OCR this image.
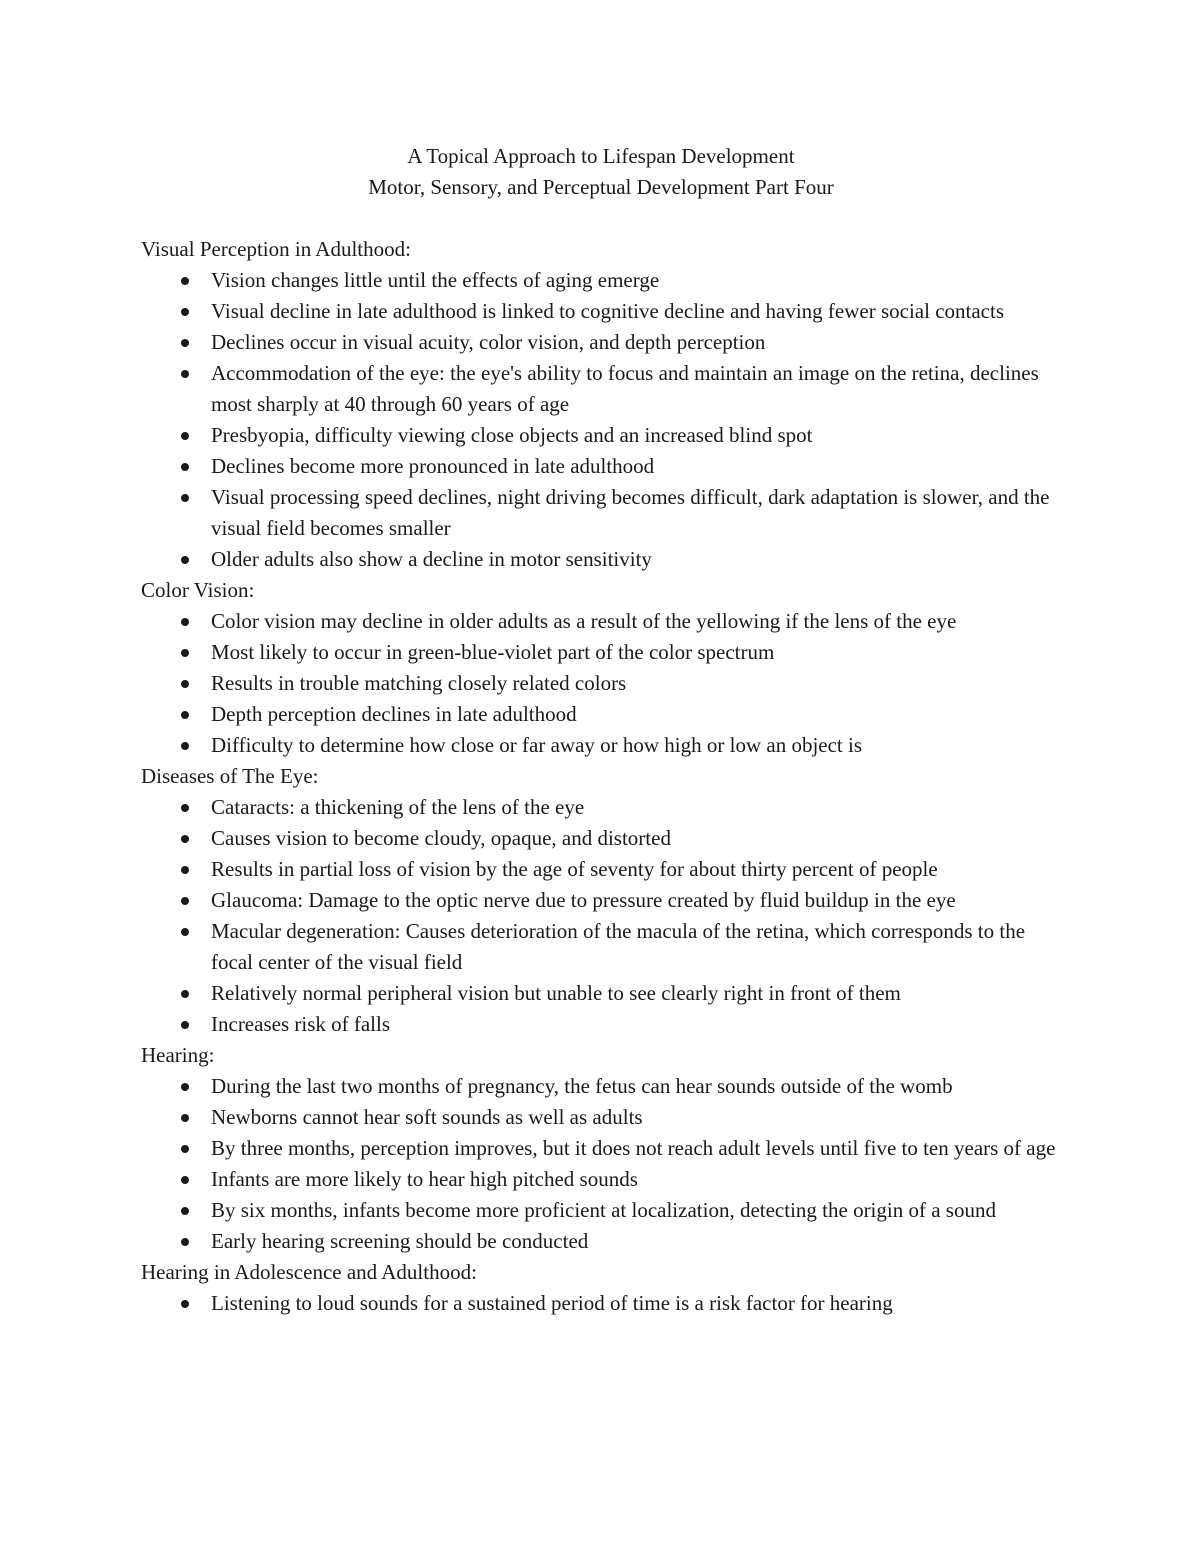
A Topical Approach to Lifespan Development
Motor, Sensory, and Perceptual Development Part Four
Visual Perception in Adulthood:
Vision changes little until the effects of aging emerge
Visual decline in late adulthood is linked to cognitive decline and having fewer social contacts
Declines occur in visual acuity, color vision, and depth perception
Accommodation of the eye: the eye's ability to focus and maintain an image on the retina, declines most sharply at 40 through 60 years of age
Presbyopia, difficulty viewing close objects and an increased blind spot
Declines become more pronounced in late adulthood
Visual processing speed declines, night driving becomes difficult, dark adaptation is slower, and the visual field becomes smaller
Older adults also show a decline in motor sensitivity
Color Vision:
Color vision may decline in older adults as a result of the yellowing if the lens of the eye
Most likely to occur in green-blue-violet part of the color spectrum
Results in trouble matching closely related colors
Depth perception declines in late adulthood
Difficulty to determine how close or far away or how high or low an object is
Diseases of The Eye:
Cataracts: a thickening of the lens of the eye
Causes vision to become cloudy, opaque, and distorted
Results in partial loss of vision by the age of seventy for about thirty percent of people
Glaucoma: Damage to the optic nerve due to pressure created by fluid buildup in the eye
Macular degeneration: Causes deterioration of the macula of the retina, which corresponds to the focal center of the visual field
Relatively normal peripheral vision but unable to see clearly right in front of them
Increases risk of falls
Hearing:
During the last two months of pregnancy, the fetus can hear sounds outside of the womb
Newborns cannot hear soft sounds as well as adults
By three months, perception improves, but it does not reach adult levels until five to ten years of age
Infants are more likely to hear high pitched sounds
By six months, infants become more proficient at localization, detecting the origin of a sound
Early hearing screening should be conducted
Hearing in Adolescence and Adulthood:
Listening to loud sounds for a sustained period of time is a risk factor for hearing
